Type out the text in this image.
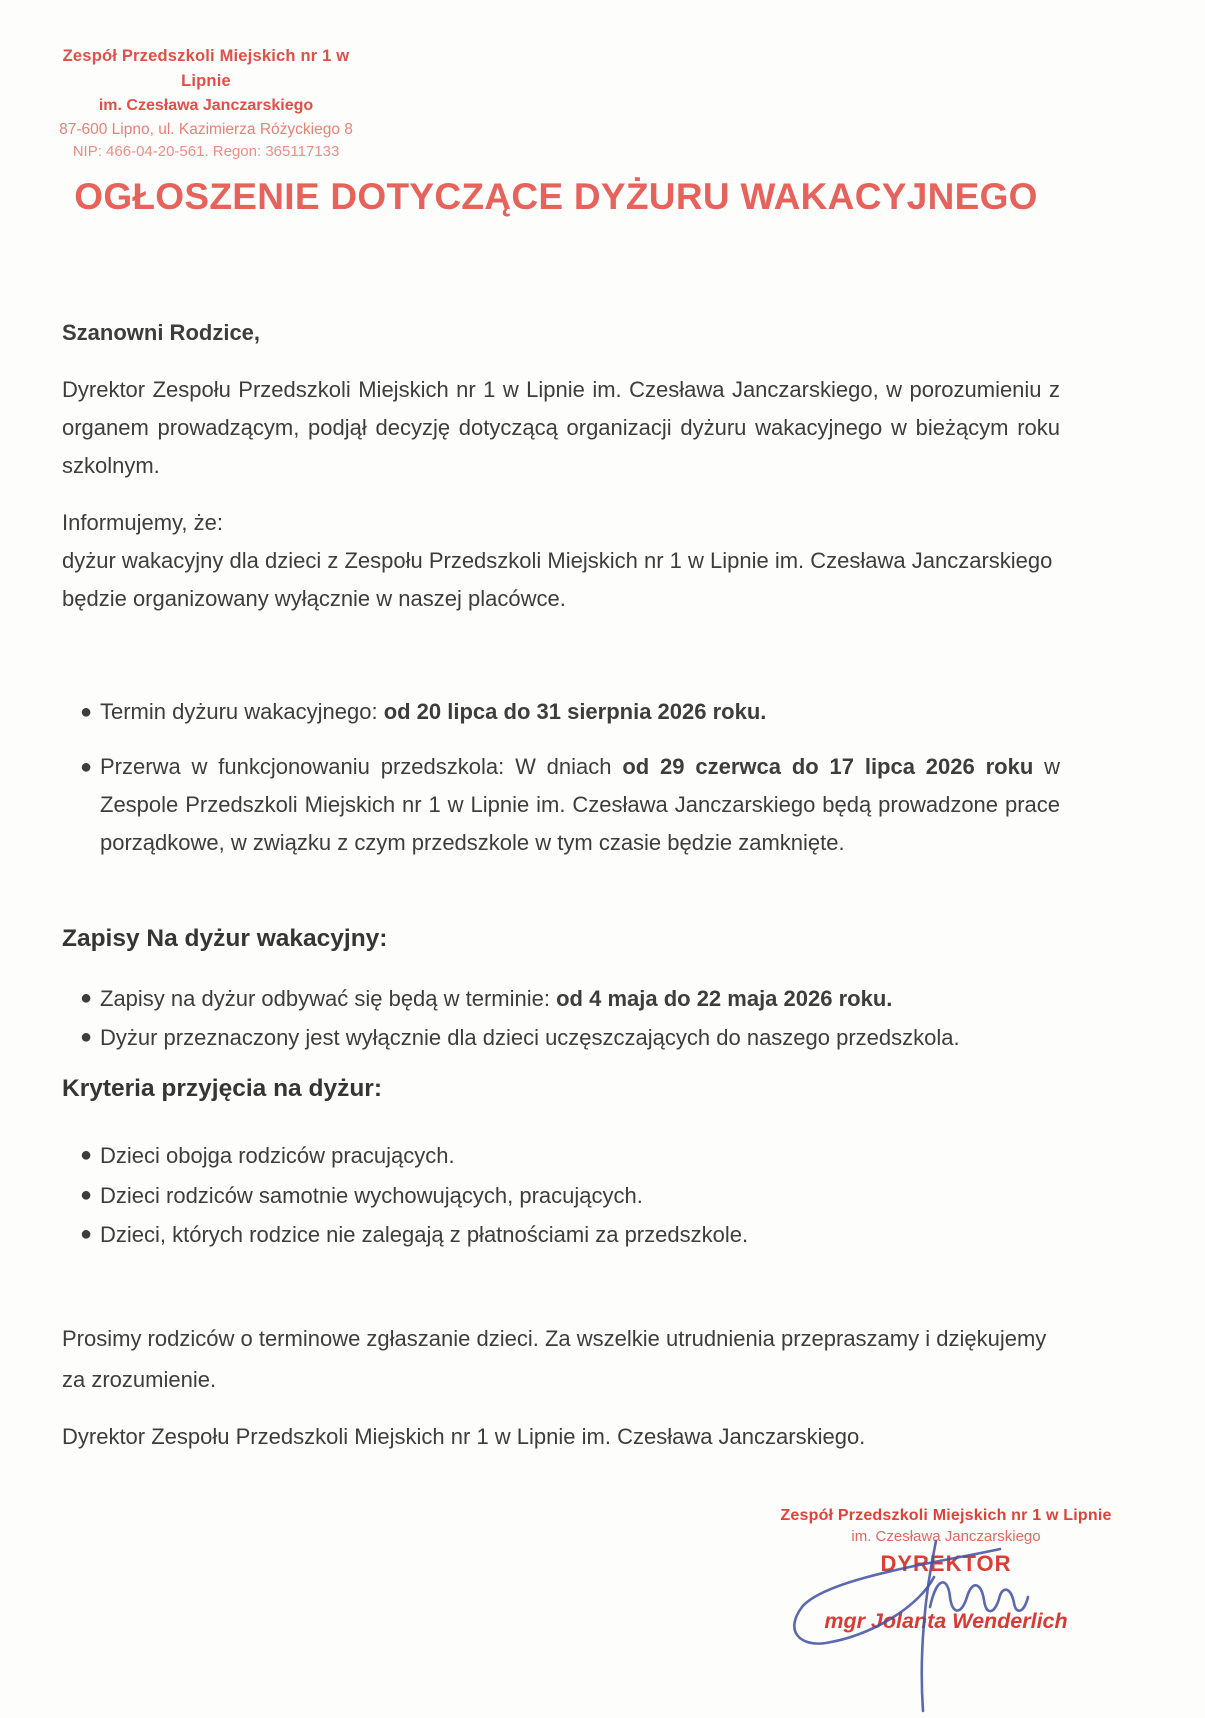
Zespół Przedszkoli Miejskich nr 1 w Lipnie
im. Czesława Janczarskiego
87-600 Lipno, ul. Kazimierza Różyckiego 8
NIP: 466-04-20-561. Regon: 365117133
OGŁOSZENIE DOTYCZĄCE DYŻURU WAKACYJNEGO
Szanowni Rodzice,
Dyrektor Zespołu Przedszkoli Miejskich nr 1 w Lipnie im. Czesława Janczarskiego, w porozumieniu z organem prowadzącym, podjął decyzję dotyczącą organizacji dyżuru wakacyjnego w bieżącym roku szkolnym.
Informujemy, że:
dyżur wakacyjny dla dzieci z Zespołu Przedszkoli Miejskich nr 1 w Lipnie im. Czesława Janczarskiego będzie organizowany wyłącznie w naszej placówce.
● Termin dyżuru wakacyjnego: od 20 lipca do 31 sierpnia 2026 roku.
● Przerwa w funkcjonowaniu przedszkola: W dniach od 29 czerwca do 17 lipca 2026 roku w Zespole Przedszkoli Miejskich nr 1 w Lipnie im. Czesława Janczarskiego będą prowadzone prace porządkowe, w związku z czym przedszkole w tym czasie będzie zamknięte.
Zapisy Na dyżur wakacyjny:
● Zapisy na dyżur odbywać się będą w terminie: od 4 maja do 22 maja 2026 roku.
● Dyżur przeznaczony jest wyłącznie dla dzieci uczęszczających do naszego przedszkola.
Kryteria przyjęcia na dyżur:
● Dzieci obojga rodziców pracujących.
● Dzieci rodziców samotnie wychowujących, pracujących.
● Dzieci, których rodzice nie zalegają z płatnościami za przedszkole.
Prosimy rodziców o terminowe zgłaszanie dzieci. Za wszelkie utrudnienia przepraszamy i dziękujemy za zrozumienie.
Dyrektor Zespołu Przedszkoli Miejskich nr 1 w Lipnie im. Czesława Janczarskiego.
Zespół Przedszkoli Miejskich nr 1 w Lipnie
im. Czesława Janczarskiego
DYREKTOR
mgr Jolanta Wenderlich
